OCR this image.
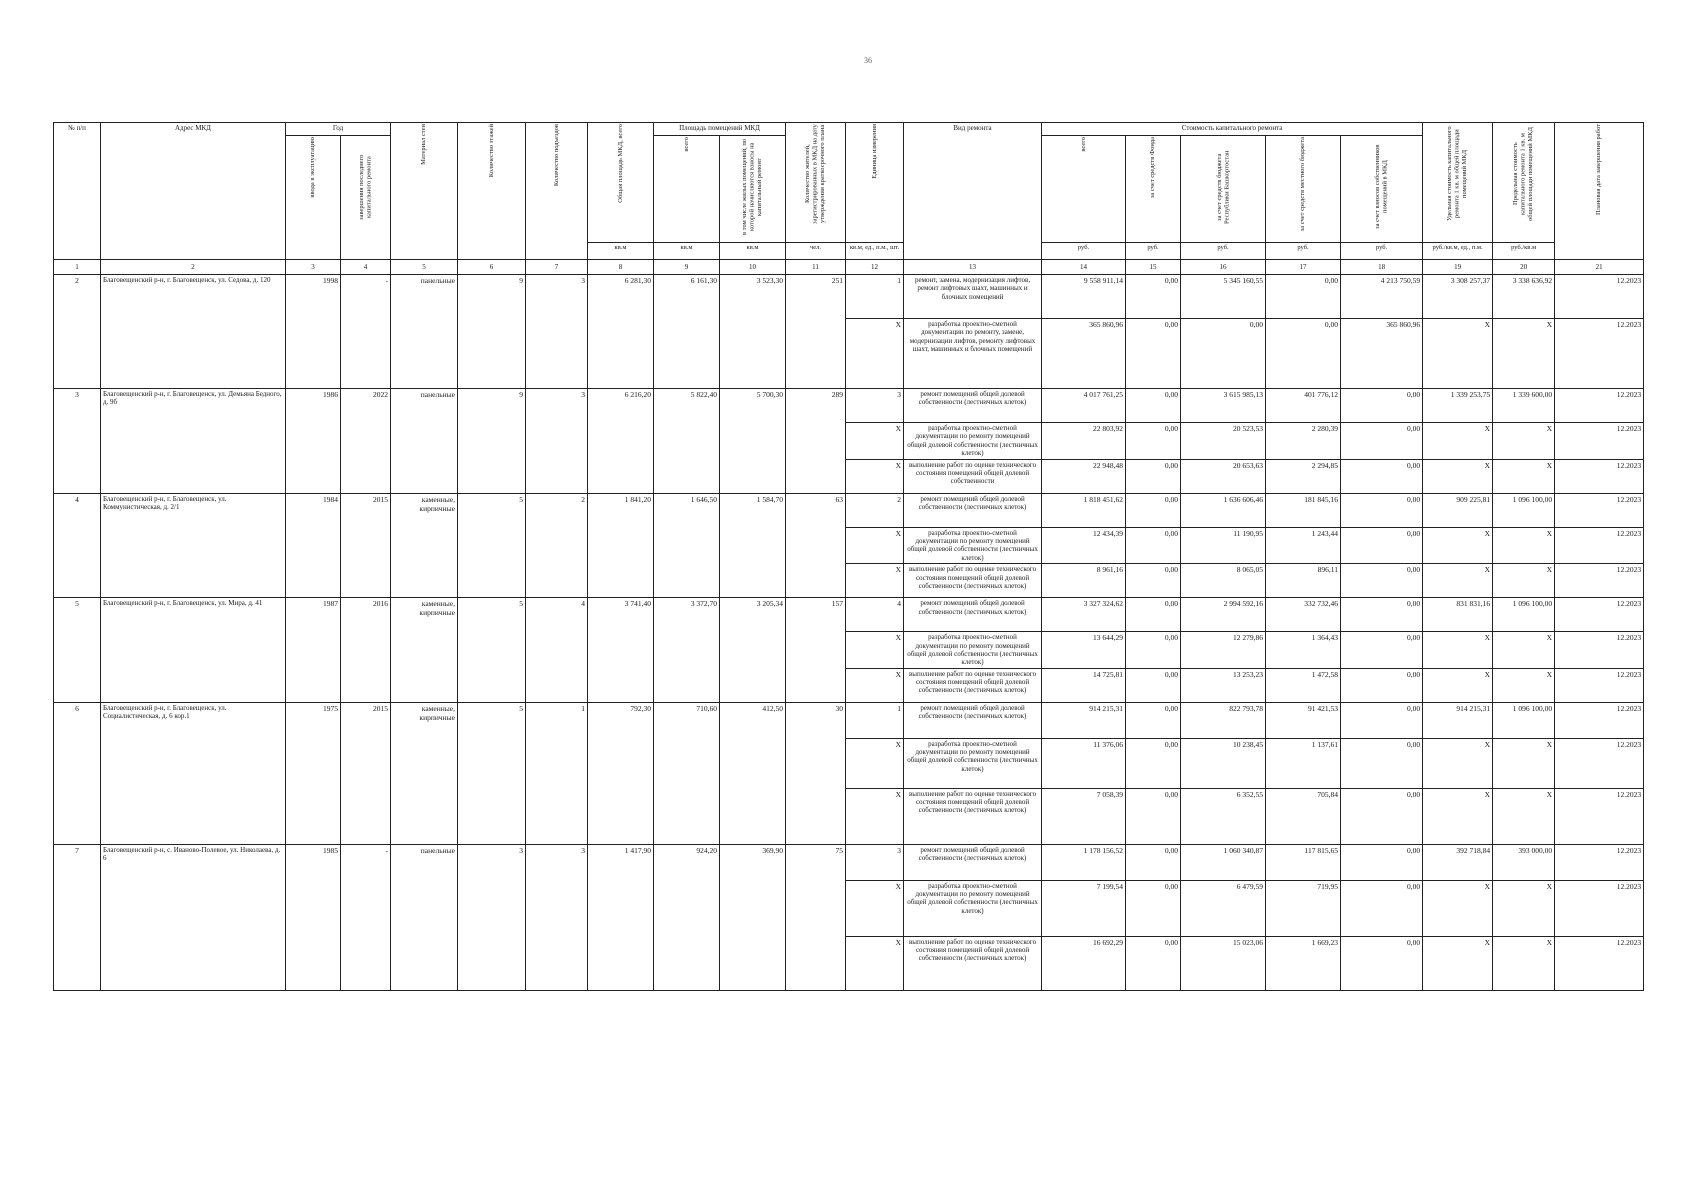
36
№ п/п	Адрес МКД	Год		Материал стен	Количество этажей	Количество подъездов	Общая площадь МКД, всего	Площадь помещений МКД		Количество жителей, зарегистрированных в МКД на дату утверждения краткосрочного плана	Единица измерения	Вид ремонта	Стоимость капитального ремонта					Удельная стоимость капитального ремонта 1 кв. м общей площади помещений МКД	Предельная стоимость капитального ремонта 1 кв. м общей площади помещений МКД	Плановая дата завершения работ

		ввода в эксплуатацию	завершения последнего капитального ремонта					всего	в том числе жилых помещений, по которой начисляются взносы на капитальный ремонт				всего	за счет средств Фонда	за счет средств бюджета Республики Башкортостан	за счет средств местного бюджета	за счет взносов собственников помещений в МКД			

							кв.м	кв.м	кв.м	чел.	кв.м, ед., п.м., шт.		руб.	руб.	руб.	руб.	руб.	руб./кв.м, ед., п.м.	руб./кв.м	
1	2	3	4	5	6	7	8	9	10	11	12	13	14	15	16	17	18	19	20	21
2	Благовещенский р-н, г. Благовещенск, ул. Седова, д. 120	1998	-	панельные	9	3	6 281,30	6 161,30	3 523,30	251	1	ремонт, замена, модернизация лифтов, ремонт лифтовых шахт, машинных и блочных помещений	9 558 911,14	0,00	5 345 160,55	0,00	4 213 750,59	3 308 257,37	3 338 636,92	12.2023
											X	разработка проектно-сметной документации по ремонту, замене, модернизации лифтов, ремонту лифтовых шахт, машинных и блочных помещений	365 860,96	0,00	0,00	0,00	365 860,96	X	X	12.2023
3	Благовещенский р-н, г. Благовещенск, ул. Демьяна Бедного, д. 9б	1986	2022	панельные	9	3	6 216,20	5 822,40	5 700,30	289	3	ремонт помещений общей долевой собственности (лестничных клеток)	4 017 761,25	0,00	3 615 985,13	401 776,12	0,00	1 339 253,75	1 339 600,00	12.2023
											X	разработка проектно-сметной документации по ремонту помещений общей долевой собственности (лестничных клеток)	22 803,92	0,00	20 523,53	2 280,39	0,00	X	X	12.2023
											X	выполнение работ по оценке технического состояния помещений общей долевой собственности	22 948,48	0,00	20 653,63	2 294,85	0,00	X	X	12.2023
4	Благовещенский р-н, г. Благовещенск, ул. Коммунистическая, д. 2/1	1984	2015	каменные, кирпичные	5	2	1 841,20	1 646,50	1 584,70	63	2	ремонт помещений общей долевой собственности (лестничных клеток)	1 818 451,62	0,00	1 636 606,46	181 845,16	0,00	909 225,81	1 096 100,00	12.2023
											X	разработка проектно-сметной документации по ремонту помещений общей долевой собственности (лестничных клеток)	12 434,39	0,00	11 190,95	1 243,44	0,00	X	X	12.2023
											X	выполнение работ по оценке технического состояния помещений общей долевой собственности (лестничных клеток)	8 961,16	0,00	8 065,05	896,11	0,00	X	X	12.2023
5	Благовещенский р-н, г. Благовещенск, ул. Мира, д. 41	1987	2016	каменные, кирпичные	5	4	3 741,40	3 372,70	3 205,34	157	4	ремонт помещений общей долевой собственности (лестничных клеток)	3 327 324,62	0,00	2 994 592,16	332 732,46	0,00	831 831,16	1 096 100,00	12.2023
											X	разработка проектно-сметной документации по ремонту помещений общей долевой собственности (лестничных клеток)	13 644,29	0,00	12 279,86	1 364,43	0,00	X	X	12.2023
											X	выполнение работ по оценке технического состояния помещений общей долевой собственности (лестничных клеток)	14 725,81	0,00	13 253,23	1 472,58	0,00	X	X	12.2023
6	Благовещенский р-н, г. Благовещенск, ул. Социалистическая, д. 6 кор.1	1975	2015	каменные, кирпичные	5	1	792,30	710,60	412,50	30	1	ремонт помещений общей долевой собственности (лестничных клеток)	914 215,31	0,00	822 793,78	91 421,53	0,00	914 215,31	1 096 100,00	12.2023
											X	разработка проектно-сметной документации по ремонту помещений общей долевой собственности (лестничных клеток)	11 376,06	0,00	10 238,45	1 137,61	0,00	X	X	12.2023
											X	выполнение работ по оценке технического состояния помещений общей долевой собственности (лестничных клеток)	7 058,39	0,00	6 352,55	705,84	0,00	X	X	12.2023
7	Благовещенский р-н, с. Иваново-Полевое, ул. Николаева, д. 6	1985	-	панельные	3	3	1 417,90	924,20	369,90	75	3	ремонт помещений общей долевой собственности (лестничных клеток)	1 178 156,52	0,00	1 060 340,87	117 815,65	0,00	392 718,84	393 000,00	12.2023
											X	разработка проектно-сметной документации по ремонту помещений общей долевой собственности (лестничных клеток)	7 199,54	0,00	6 479,59	719,95	0,00	X	X	12.2023
											X	выполнение работ по оценке технического состояния помещений общей долевой собственности (лестничных клеток)	16 692,29	0,00	15 023,06	1 669,23	0,00	X	X	12.2023
